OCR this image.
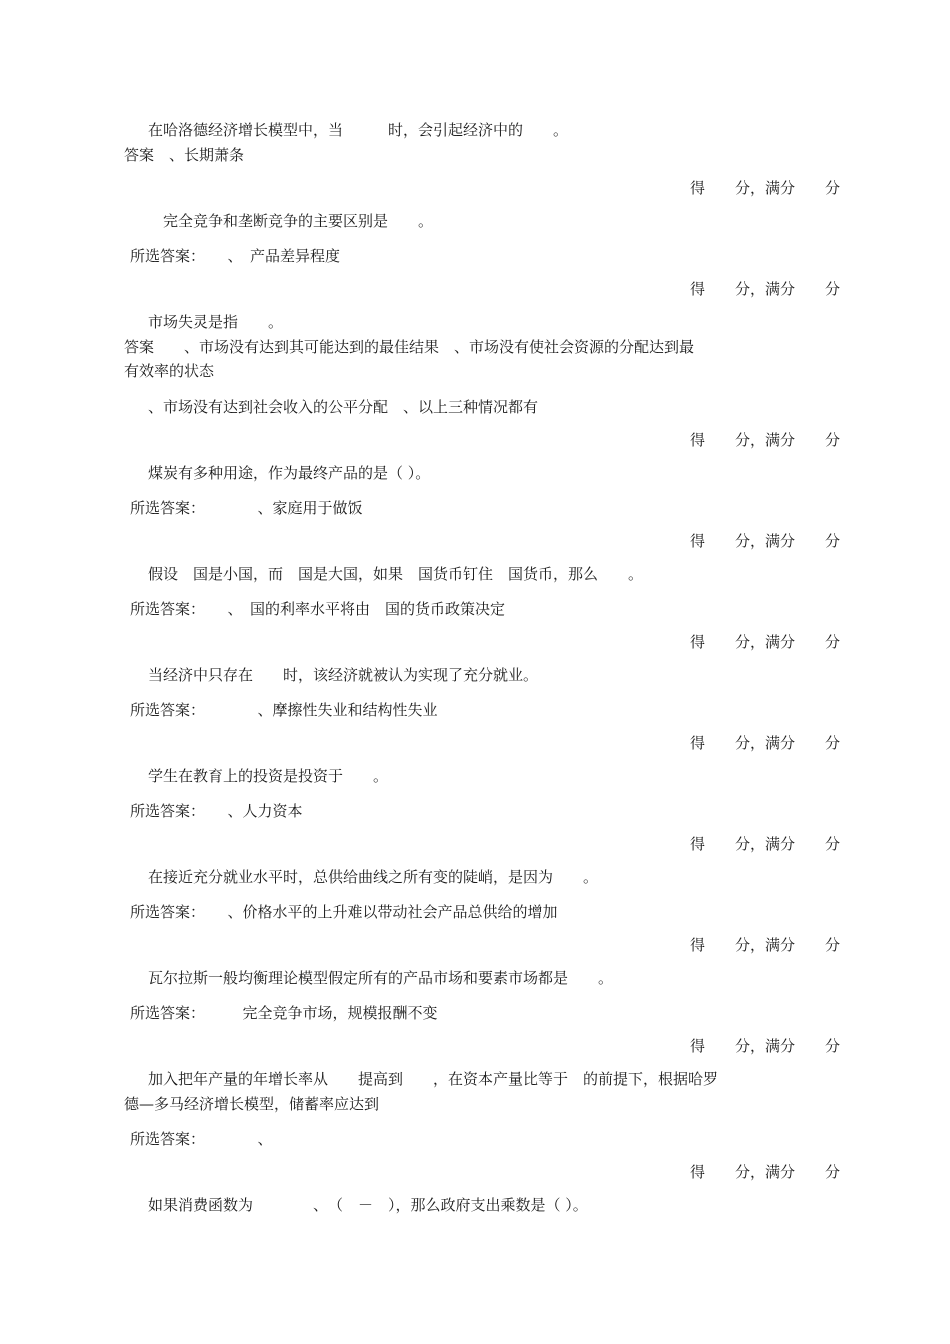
在哈洛德经济增长模型中，当　　　时，会引起经济中的　　。
答案　、长期萧条
得　　分，满分　　分
　完全竞争和垄断竞争的主要区别是　　。
所选答案：　　、　产品差异程度
得　　分，满分　　分
市场失灵是指　　。
答案　　、市场没有达到其可能达到的最佳结果　、市场没有使社会资源的分配达到最
有效率的状态
、市场没有达到社会收入的公平分配　、以上三种情况都有
得　　分，满分　　分
煤炭有多种用途，作为最终产品的是（ ）。
所选答案：　　　　、家庭用于做饭
得　　分，满分　　分
假设　国是小国，而　国是大国，如果　国货币钉住　国货币，那么　　。
所选答案：　　、　国的利率水平将由　国的货币政策决定
得　　分，满分　　分
当经济中只存在　　时，该经济就被认为实现了充分就业。
所选答案：　　　　、摩擦性失业和结构性失业
得　　分，满分　　分
学生在教育上的投资是投资于　　。
所选答案：　　、人力资本
得　　分，满分　　分
在接近充分就业水平时，总供给曲线之所有变的陡峭，是因为　　。
所选答案：　　、价格水平的上升难以带动社会产品总供给的增加
得　　分，满分　　分
瓦尔拉斯一般均衡理论模型假定所有的产品市场和要素市场都是　　。
所选答案：　　　完全竞争市场，规模报酬不变
得　　分，满分　　分
加入把年产量的年增长率从　　提高到　　，在资本产量比等于　的前提下，根据哈罗
德—多马经济增长模型，储蓄率应达到
所选答案：　　　　、
得　　分，满分　　分
如果消费函数为　　　　、　（　－　），那么政府支出乘数是（ ）。
